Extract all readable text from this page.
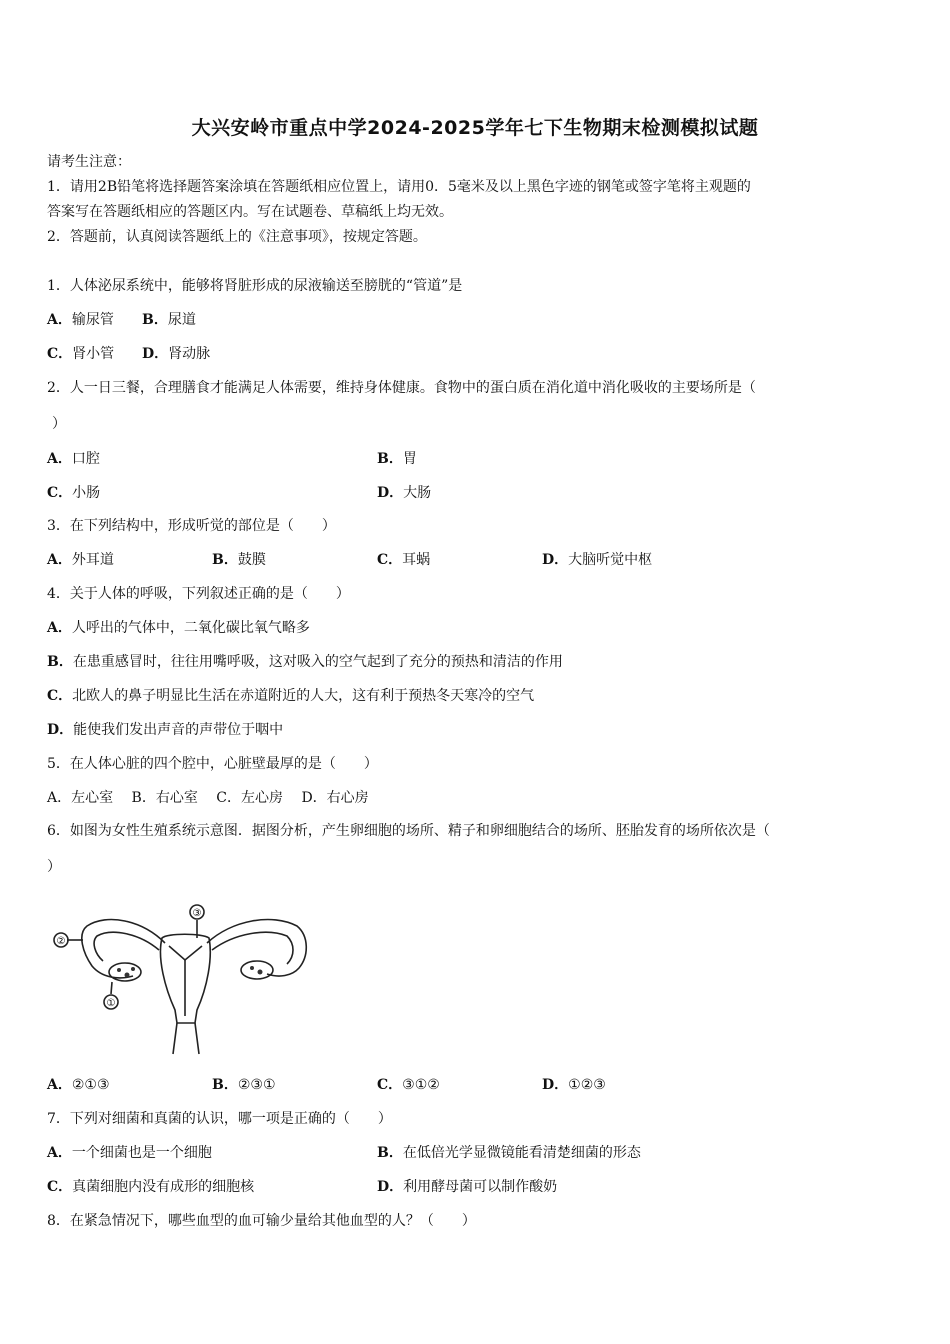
大兴安岭市重点中学2024-2025学年七下生物期末检测模拟试题
请考生注意：
1．请用2B铅笔将选择题答案涂填在答题纸相应位置上，请用0．5毫米及以上黑色字迹的钢笔或签字笔将主观题的
答案写在答题纸相应的答题区内。写在试题卷、草稿纸上均无效。
2．答题前，认真阅读答题纸上的《注意事项》，按规定答题。
1．人体泌尿系统中，能够将肾脏形成的尿液输送至膀胱的“管道”是
A．输尿管 B．尿道
C．肾小管 D．肾动脉
2．人一日三餐，合理膳食才能满足人体需要，维持身体健康。食物中的蛋白质在消化道中消化吸收的主要场所是（
）
A．口腔	B．胃
C．小肠	D．大肠
3．在下列结构中，形成听觉的部位是（　　）
A．外耳道	B．鼓膜	C．耳蜗	D．大脑听觉中枢
4．关于人体的呼吸，下列叙述正确的是（　　）
A．人呼出的气体中，二氧化碳比氧气略多
B．在患重感冒时，往往用嘴呼吸，这对吸入的空气起到了充分的预热和清洁的作用
C．北欧人的鼻子明显比生活在赤道附近的人大，这有利于预热冬天寒冷的空气
D．能使我们发出声音的声带位于咽中
5．在人体心脏的四个腔中，心脏壁最厚的是（　　）
A．左心室　 B．右心室　 C．左心房　 D．右心房
6．如图为女性生殖系统示意图．据图分析，产生卵细胞的场所、精子和卵细胞结合的场所、胚胎发育的场所依次是（
）
②
③
①
A．②①③	B．②③①	C．③①②	D．①②③
7．下列对细菌和真菌的认识，哪一项是正确的（　　）
A．一个细菌也是一个细胞	B．在低倍光学显微镜能看清楚细菌的形态
C．真菌细胞内没有成形的细胞核	D．利用酵母菌可以制作酸奶
8．在紧急情况下，哪些血型的血可输少量给其他血型的人？（　　）
